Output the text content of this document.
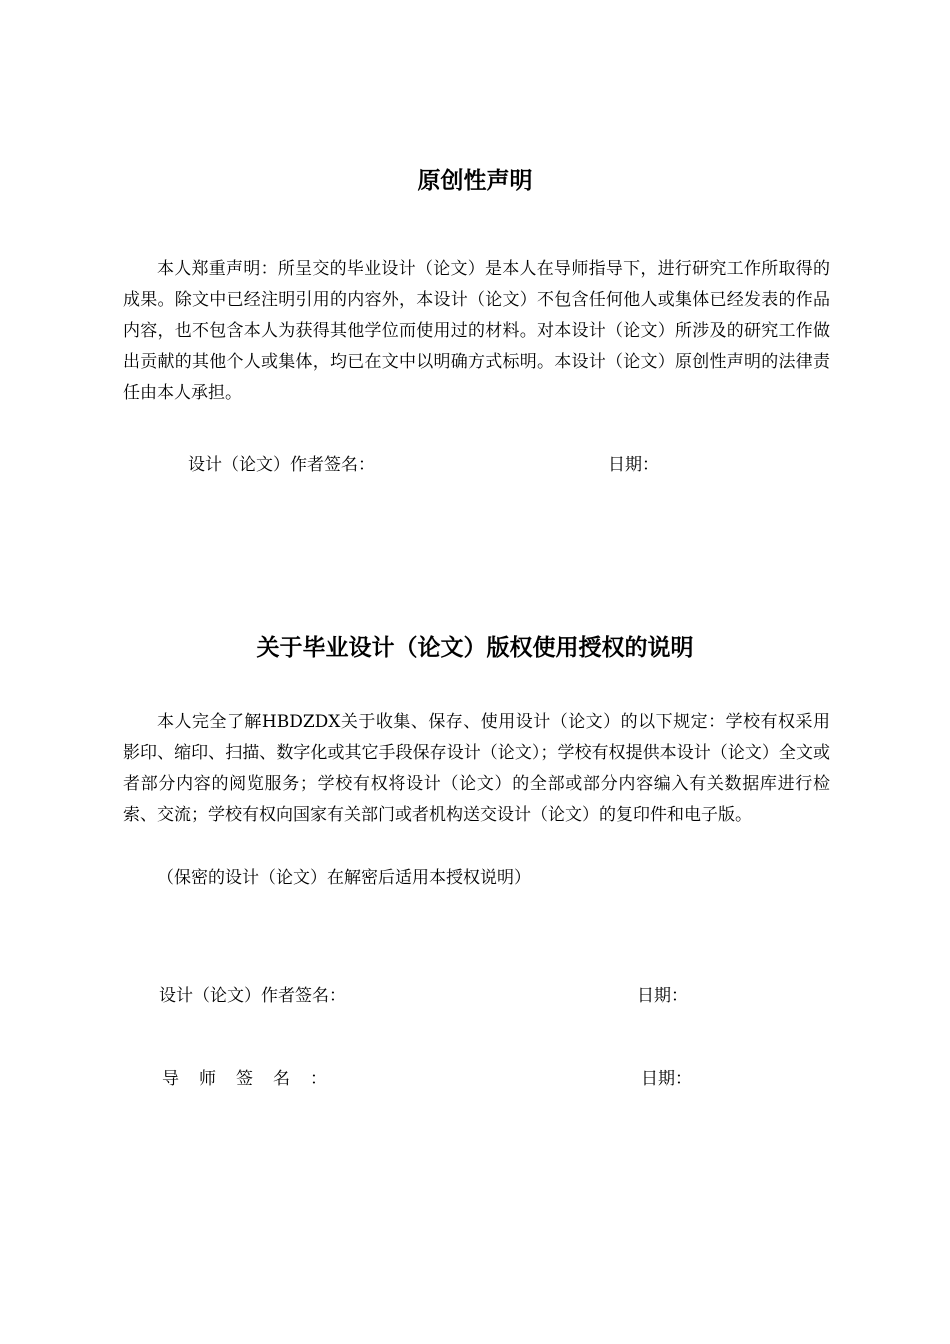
原创性声明

本人郑重声明：所呈交的毕业设计（论文）是本人在导师指导下，进行研究工作所取得的成果。除文中已经注明引用的内容外，本设计（论文）不包含任何他人或集体已经发表的作品内容，也不包含本人为获得其他学位而使用过的材料。对本设计（论文）所涉及的研究工作做出贡献的其他个人或集体，均已在文中以明确方式标明。本设计（论文）原创性声明的法律责任由本人承担。

设计（论文）作者签名：	日期：

关于毕业设计（论文）版权使用授权的说明

本人完全了解HBDZDX关于收集、保存、使用设计（论文）的以下规定：学校有权采用影印、缩印、扫描、数字化或其它手段保存设计（论文）；学校有权提供本设计（论文）全文或者部分内容的阅览服务；学校有权将设计（论文）的全部或部分内容编入有关数据库进行检索、交流；学校有权向国家有关部门或者机构送交设计（论文）的复印件和电子版。

（保密的设计（论文）在解密后适用本授权说明）

设计（论文）作者签名：	日期：

导师签名：	日期：
